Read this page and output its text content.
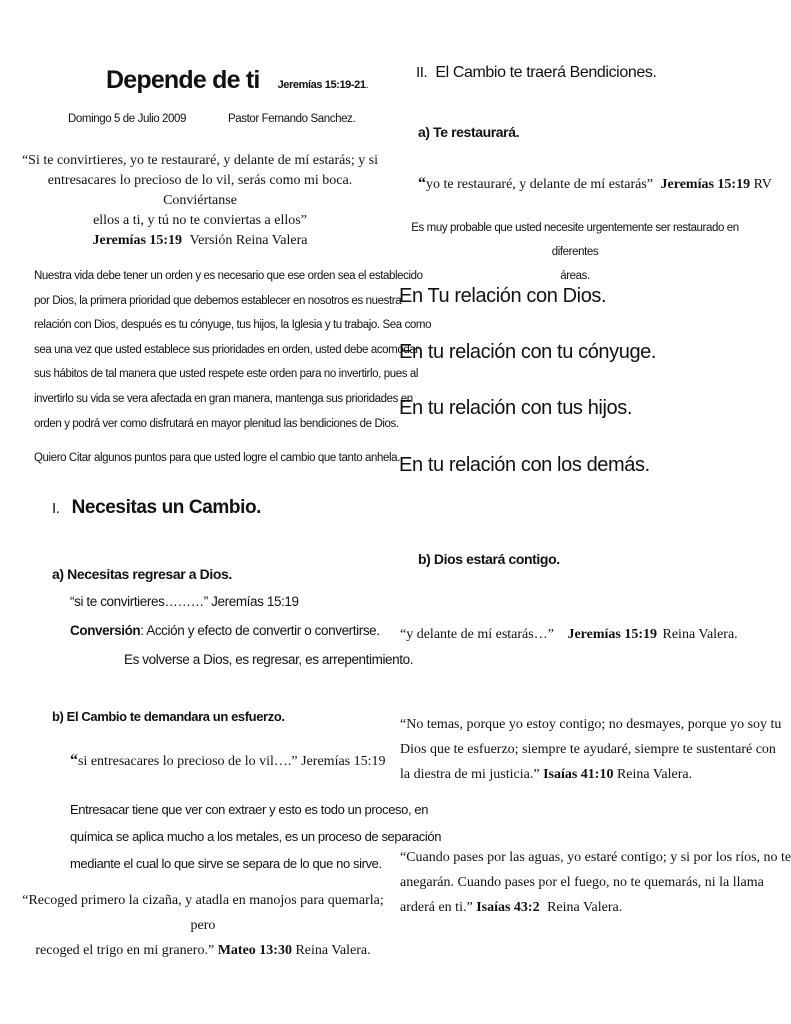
Depende de ti Jeremías 15:19-21.
Domingo 5 de Julio 2009	Pastor Fernando Sanchez.
“Si te convirtieres, yo te restauraré, y delante de mí estarás; y si
entresacares lo precioso de lo vil, serás como mi boca. Conviértanse
ellos a ti, y tú no te conviertas a ellos”
Jeremías 15:19 Versión Reina Valera
Nuestra vida debe tener un orden y es necesario que ese orden sea el establecido
por Dios, la primera prioridad que debemos establecer en nosotros es nuestra
relación con Dios, después es tu cónyuge, tus hijos, la Iglesia y tu trabajo. Sea como
sea una vez que usted establece sus prioridades en orden, usted debe acomodar
sus hábitos de tal manera que usted respete este orden para no invertirlo, pues al
invertirlo su vida se vera afectada en gran manera, mantenga sus prioridades en
orden y podrá ver como disfrutará en mayor plenitud las bendiciones de Dios.
Quiero Citar algunos puntos para que usted logre el cambio que tanto anhela.
I. Necesitas un Cambio.
a) Necesitas regresar a Dios.
“si te convirtieres………” Jeremías 15:19
Conversión: Acción y efecto de convertir o convertirse.
Es volverse a Dios, es regresar, es arrepentimiento.
b) El Cambio te demandara un esfuerzo.
“si entresacares lo precioso de lo vil….” Jeremías 15:19
Entresacar tiene que ver con extraer y esto es todo un proceso, en
química se aplica mucho a los metales, es un proceso de separación
mediante el cual lo que sirve se separa de lo que no sirve.
“Recoged primero la cizaña, y atadla en manojos para quemarla; pero
recoged el trigo en mi granero.” Mateo 13:30 Reina Valera.
II. El Cambio te traerá Bendiciones.
a) Te restaurará.
“yo te restauraré, y delante de mí estarás” Jeremías 15:19 RV
Es muy probable que usted necesite urgentemente ser restaurado en diferentes
áreas.
En Tu relación con Dios.
En tu relación con tu cónyuge.
En tu relación con tus hijos.
En tu relación con los demás.
b) Dios estará contigo.
“y delante de mí estarás…” Jeremías 15:19 Reina Valera.
“No temas, porque yo estoy contigo; no desmayes, porque yo soy tu
Dios que te esfuerzo; siempre te ayudaré, siempre te sustentaré con
la diestra de mi justicia.” Isaías 41:10 Reina Valera.
“Cuando pases por las aguas, yo estaré contigo; y si por los ríos, no te
anegarán. Cuando pases por el fuego, no te quemarás, ni la llama
arderá en ti.” Isaías 43:2 Reina Valera.
